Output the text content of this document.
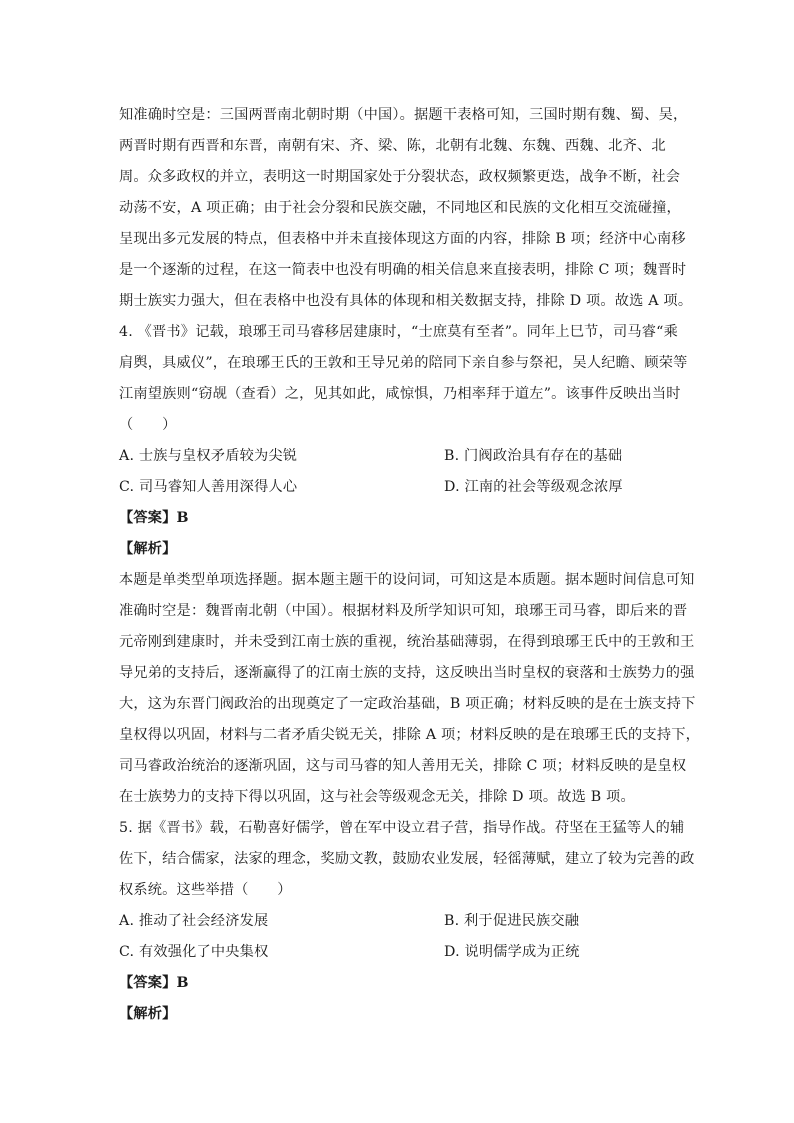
知准确时空是：三国两晋南北朝时期（中国）。据题干表格可知，三国时期有魏、蜀、吴，
两晋时期有西晋和东晋，南朝有宋、齐、梁、陈，北朝有北魏、东魏、西魏、北齐、北
周。众多政权的并立，表明这一时期国家处于分裂状态，政权频繁更迭，战争不断，社会
动荡不安，A 项正确；由于社会分裂和民族交融，不同地区和民族的文化相互交流碰撞，
呈现出多元发展的特点，但表格中并未直接体现这方面的内容，排除 B 项；经济中心南移
是一个逐渐的过程，在这一简表中也没有明确的相关信息来直接表明，排除 C 项；魏晋时
期士族实力强大，但在表格中也没有具体的体现和相关数据支持，排除 D 项。故选 A 项。
4. 《晋书》记载，琅琊王司马睿移居建康时，“士庶莫有至者”。同年上巳节，司马睿“乘
肩舆，具威仪”，在琅琊王氏的王敦和王导兄弟的陪同下亲自参与祭祀，吴人纪瞻、顾荣等
江南望族则“窃觇（查看）之，见其如此，咸惊惧，乃相率拜于道左”。该事件反映出当时
（　　）
A. 士族与皇权矛盾较为尖锐	B. 门阀政治具有存在的基础
C. 司马睿知人善用深得人心	D. 江南的社会等级观念浓厚
【答案】B
【解析】
本题是单类型单项选择题。据本题主题干的设问词，可知这是本质题。据本题时间信息可知
准确时空是：魏晋南北朝（中国）。根据材料及所学知识可知，琅琊王司马睿，即后来的晋
元帝刚到建康时，并未受到江南士族的重视，统治基础薄弱，在得到琅琊王氏中的王敦和王
导兄弟的支持后，逐渐赢得了的江南士族的支持，这反映出当时皇权的衰落和士族势力的强
大，这为东晋门阀政治的出现奠定了一定政治基础，B 项正确；材料反映的是在士族支持下
皇权得以巩固，材料与二者矛盾尖锐无关，排除 A 项；材料反映的是在琅琊王氏的支持下，
司马睿政治统治的逐渐巩固，这与司马睿的知人善用无关，排除 C 项；材料反映的是皇权
在士族势力的支持下得以巩固，这与社会等级观念无关，排除 D 项。故选 B 项。
5. 据《晋书》载，石勒喜好儒学，曾在军中设立君子营，指导作战。苻坚在王猛等人的辅
佐下，结合儒家，法家的理念，奖励文教，鼓励农业发展，轻徭薄赋，建立了较为完善的政
权系统。这些举措（　　）
A. 推动了社会经济发展	B. 利于促进民族交融
C. 有效强化了中央集权	D. 说明儒学成为正统
【答案】B
【解析】
